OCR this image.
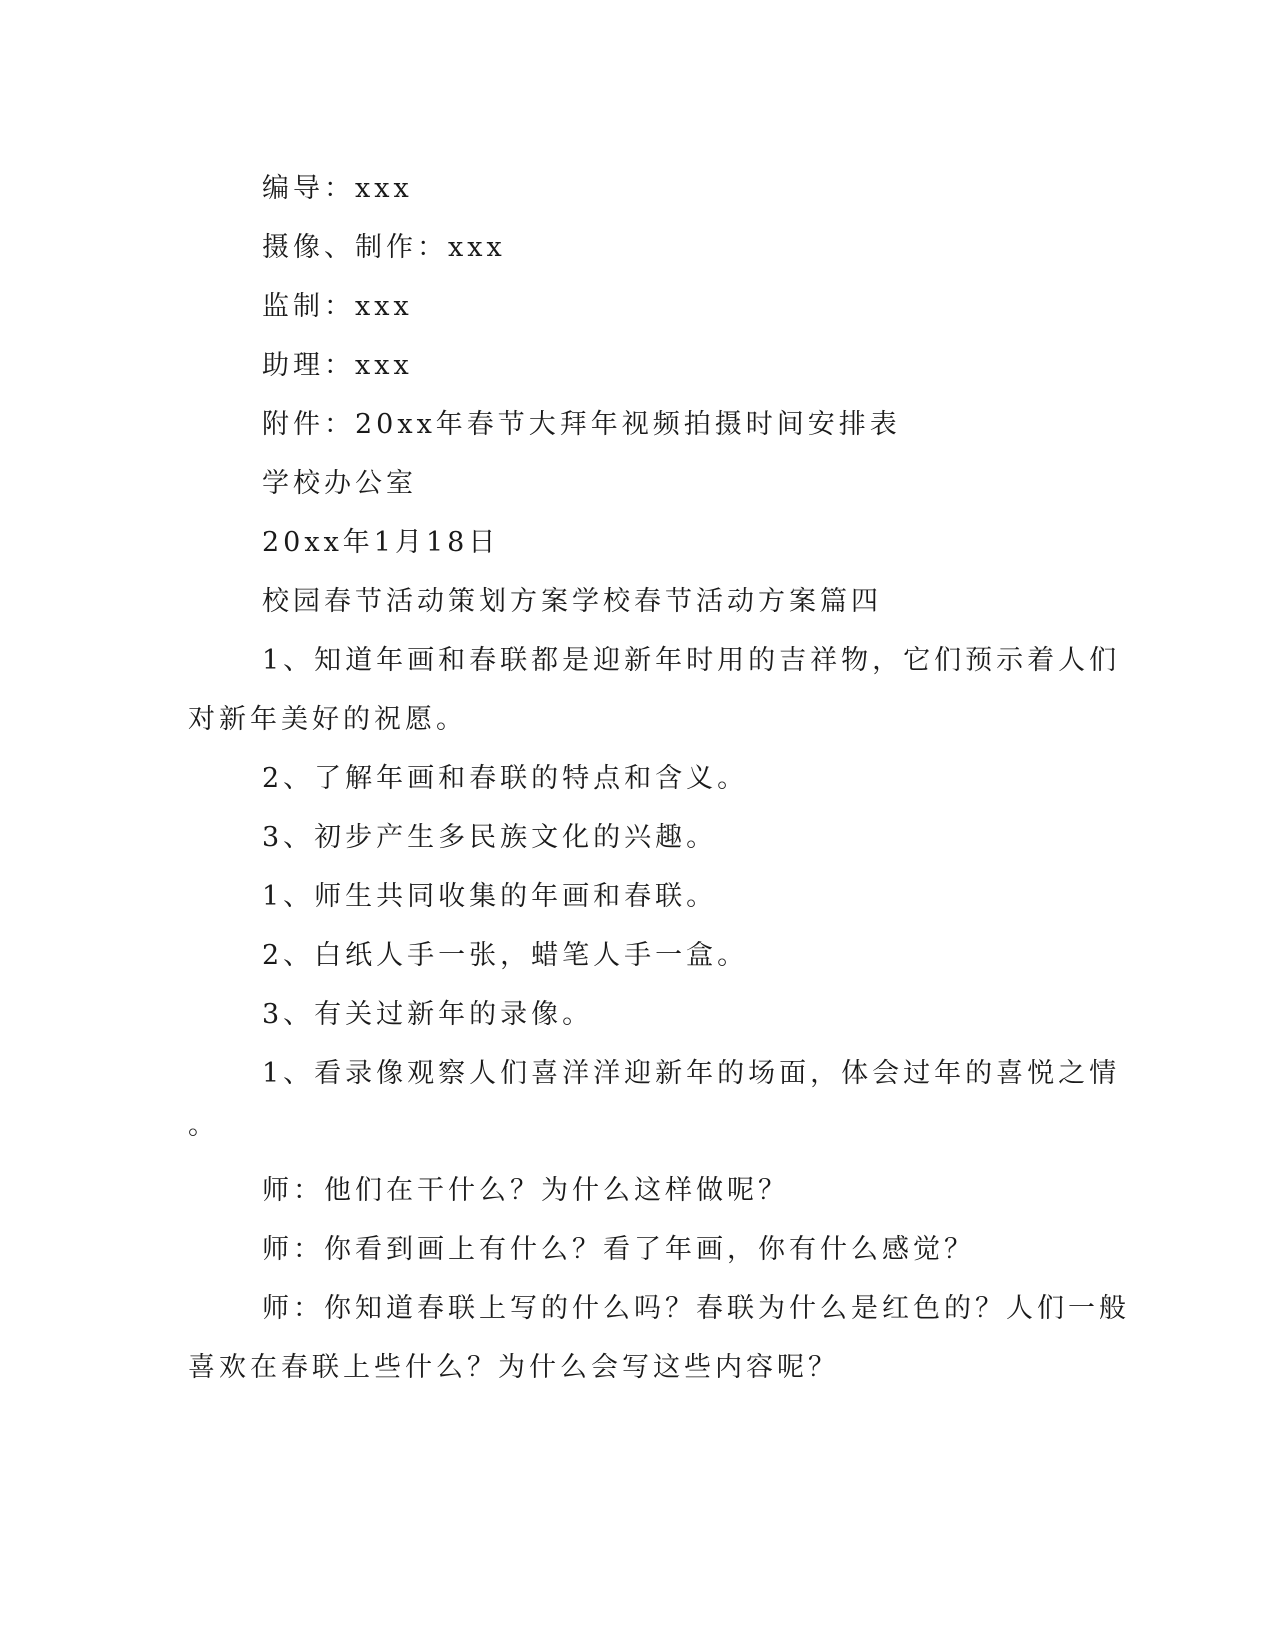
编导：xxx

摄像、制作：xxx

监制：xxx

助理：xxx

附件：20xx年春节大拜年视频拍摄时间安排表

学校办公室

20xx年1月18日

校园春节活动策划方案学校春节活动方案篇四

1、知道年画和春联都是迎新年时用的吉祥物，它们预示着人们

对新年美好的祝愿。

2、了解年画和春联的特点和含义。

3、初步产生多民族文化的兴趣。

1、师生共同收集的年画和春联。

2、白纸人手一张，蜡笔人手一盒。

3、有关过新年的录像。

1、看录像观察人们喜洋洋迎新年的场面，体会过年的喜悦之情

。

师：他们在干什么？为什么这样做呢？

师：你看到画上有什么？看了年画，你有什么感觉？

师：你知道春联上写的什么吗？春联为什么是红色的？人们一般

喜欢在春联上些什么？为什么会写这些内容呢？
